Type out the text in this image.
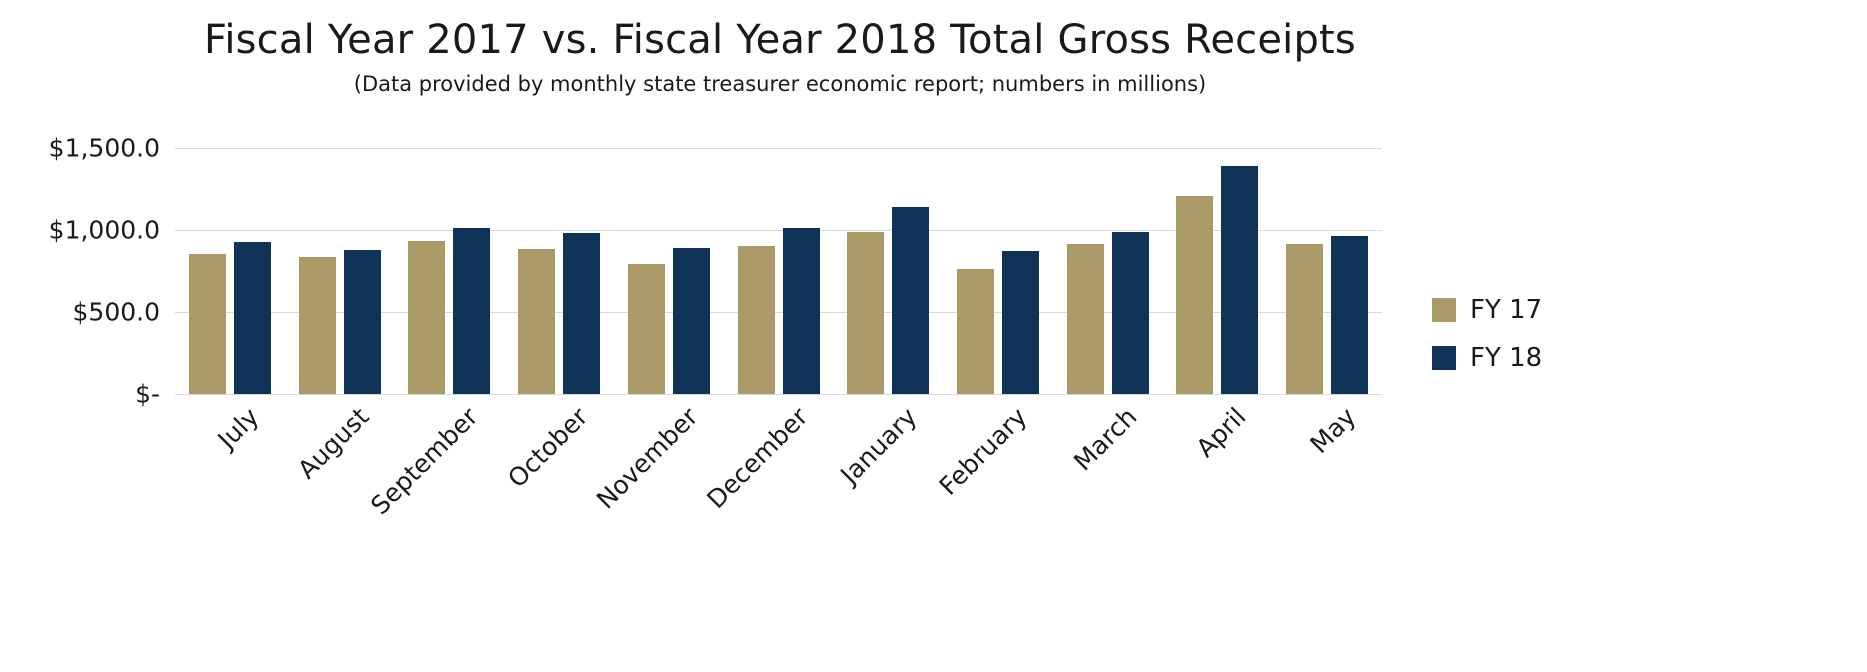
Fiscal Year 2017 vs. Fiscal Year 2018 Total Gross Receipts
(Data provided by monthly state treasurer economic report; numbers in millions)
$-
$500.0
$1,000.0
$1,500.0
July	August
September October
November
December January February	March	April	May
FY 17
FY 18
